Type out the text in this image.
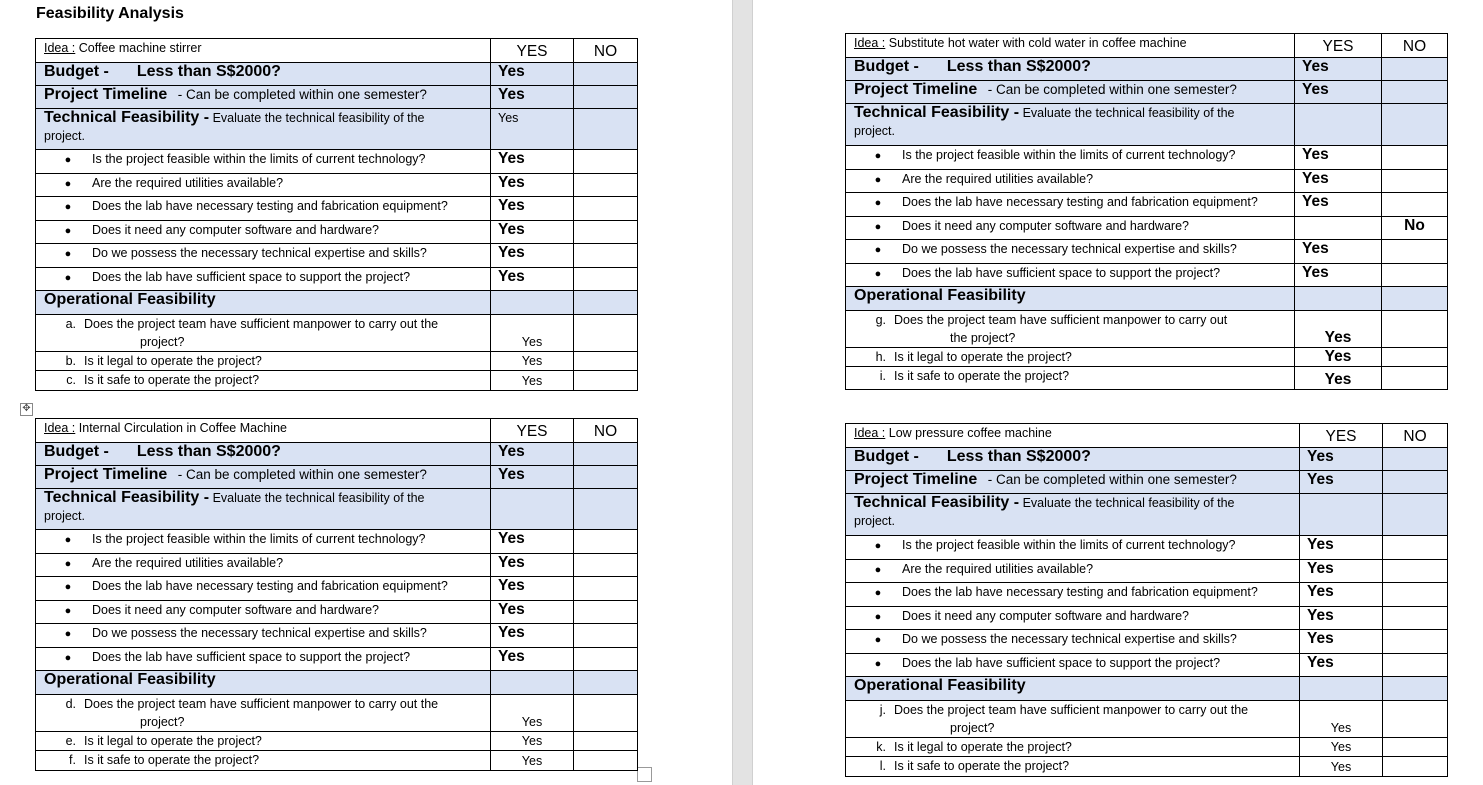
Feasibility Analysis
✥
Idea : Coffee machine stirrer	YES	NO
Budget - Less than S$2000?	Yes	
Project Timeline - Can be completed within one semester?	Yes	
Technical Feasibility - Evaluate the technical feasibility of the
project.	Yes	
● Is the project feasible within the limits of current technology?	Yes	
● Are the required utilities available?	Yes	
● Does the lab have necessary testing and fabrication equipment?	Yes	
● Does it need any computer software and hardware?	Yes	
● Do we possess the necessary technical expertise and skills?	Yes	
● Does the lab have sufficient space to support the project?	Yes	
Operational Feasibility		

a. Does the project team have sufficient manpower to carry out the
project?	Yes	
b. Is it legal to operate the project?	Yes	
c. Is it safe to operate the project?	Yes	
Idea : Substitute hot water with cold water in coffee machine	YES	NO
Budget - Less than S$2000?	Yes	
Project Timeline - Can be completed within one semester?	Yes	
Technical Feasibility - Evaluate the technical feasibility of the
project.		
● Is the project feasible within the limits of current technology?	Yes	
● Are the required utilities available?	Yes	
● Does the lab have necessary testing and fabrication equipment?	Yes	
● Does it need any computer software and hardware?		No
● Do we possess the necessary technical expertise and skills?	Yes	
● Does the lab have sufficient space to support the project?	Yes	
Operational Feasibility		

g. Does the project team have sufficient manpower to carry out
the project?	Yes	
h. Is it legal to operate the project?	Yes	
i. Is it safe to operate the project?	Yes	
Idea : Internal Circulation in Coffee Machine	YES	NO
Budget - Less than S$2000?	Yes	
Project Timeline - Can be completed within one semester?	Yes	
Technical Feasibility - Evaluate the technical feasibility of the
project.		
● Is the project feasible within the limits of current technology?	Yes	
● Are the required utilities available?	Yes	
● Does the lab have necessary testing and fabrication equipment?	Yes	
● Does it need any computer software and hardware?	Yes	
● Do we possess the necessary technical expertise and skills?	Yes	
● Does the lab have sufficient space to support the project?	Yes	
Operational Feasibility		

d. Does the project team have sufficient manpower to carry out the
project?	Yes	
e. Is it legal to operate the project?	Yes	
f. Is it safe to operate the project?	Yes	
Idea : Low pressure coffee machine	YES	NO
Budget - Less than S$2000?	Yes	
Project Timeline - Can be completed within one semester?	Yes	
Technical Feasibility - Evaluate the technical feasibility of the
project.		
● Is the project feasible within the limits of current technology?	Yes	
● Are the required utilities available?	Yes	
● Does the lab have necessary testing and fabrication equipment?	Yes	
● Does it need any computer software and hardware?	Yes	
● Do we possess the necessary technical expertise and skills?	Yes	
● Does the lab have sufficient space to support the project?	Yes	
Operational Feasibility		

j. Does the project team have sufficient manpower to carry out the
project?	Yes	
k. Is it legal to operate the project?	Yes	
l. Is it safe to operate the project?	Yes	
